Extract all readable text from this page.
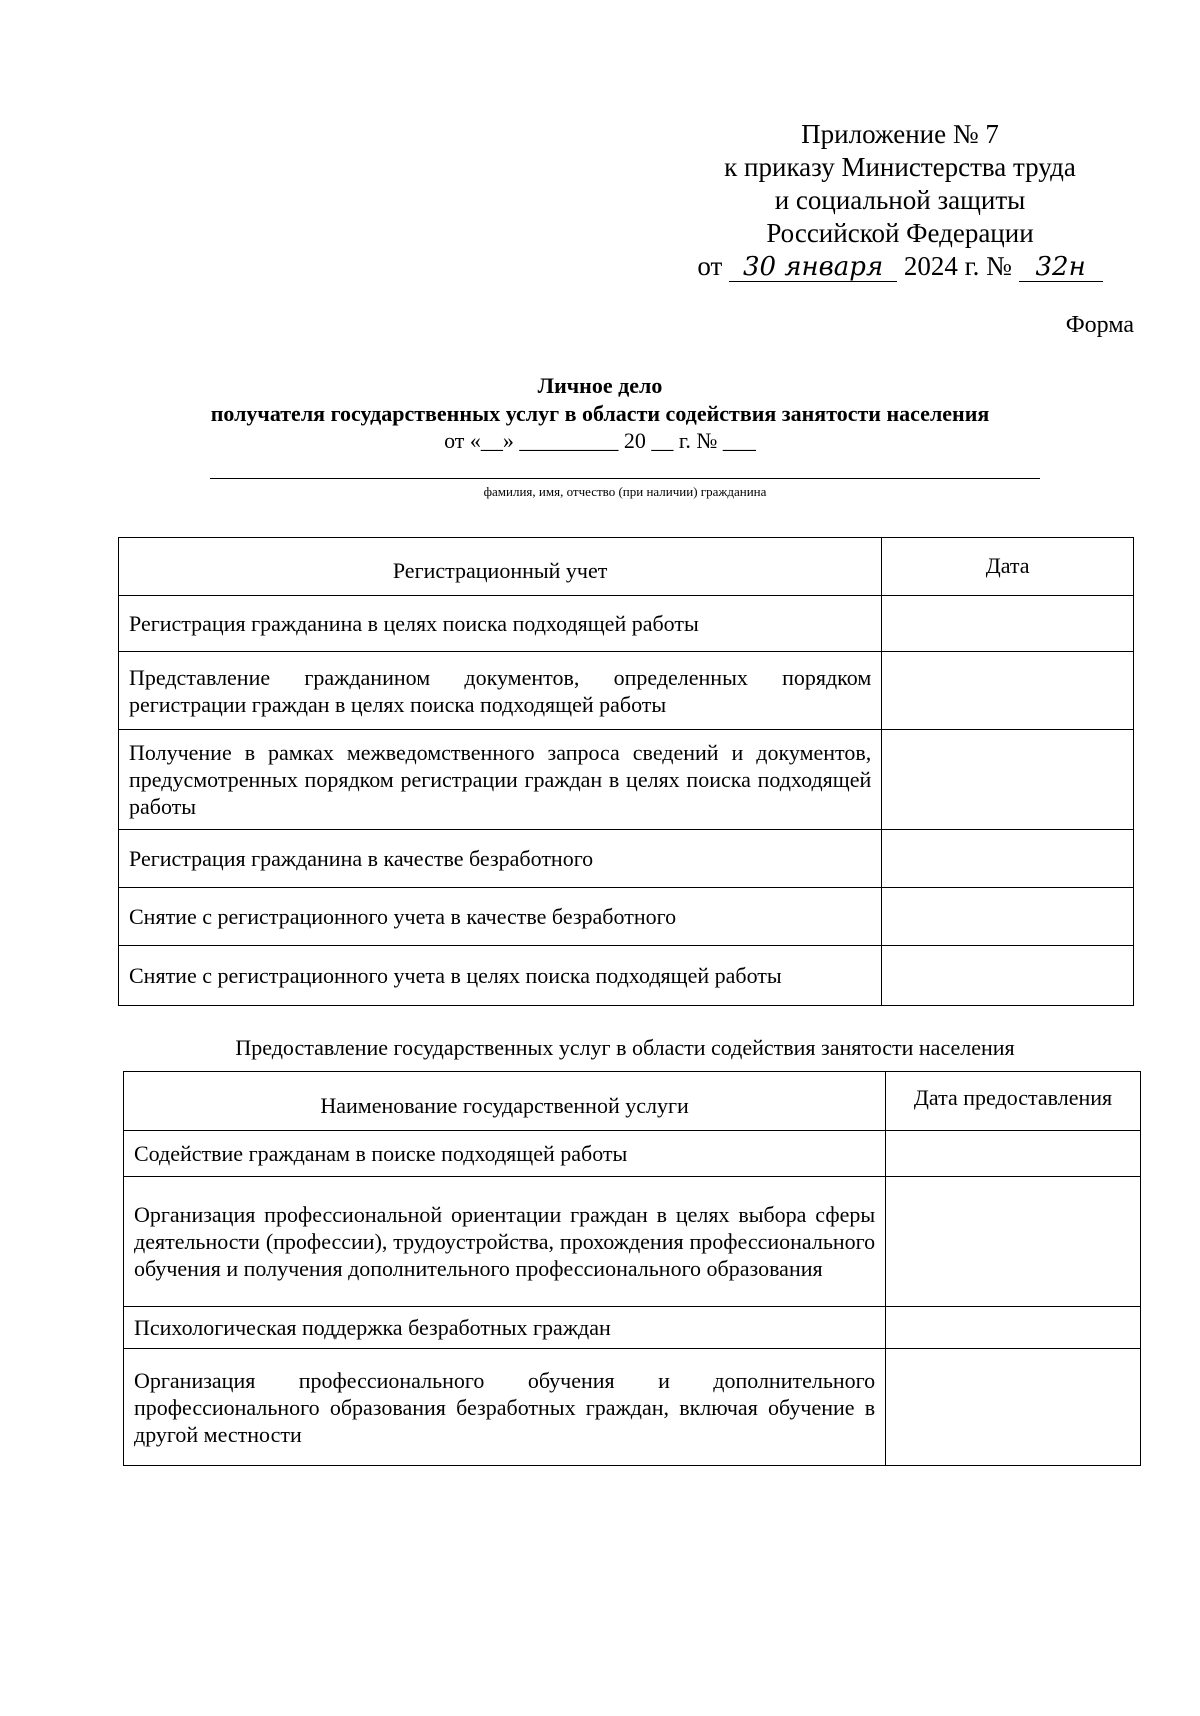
Приложение № 7
к приказу Министерства труда
и социальной защиты
Российской Федерации
от 30 января 2024 г. № 32н
Форма
Личное дело
получателя государственных услуг в области содействия занятости населения
от «__» _________ 20 __ г. № ___
фамилия, имя, отчество (при наличии) гражданина
Регистрационный учет	Дата
Регистрация гражданина в целях поиска подходящей работы	
Представление гражданином документов, определенных порядком регистрации граждан в целях поиска подходящей работы	
Получение в рамках межведомственного запроса сведений и документов, предусмотренных порядком регистрации граждан в целях поиска подходящей работы	
Регистрация гражданина в качестве безработного	
Снятие с регистрационного учета в качестве безработного	
Снятие с регистрационного учета в целях поиска подходящей работы	
Предоставление государственных услуг в области содействия занятости населения
Наименование государственной услуги	Дата предоставления
Содействие гражданам в поиске подходящей работы	
Организация профессиональной ориентации граждан в целях выбора сферы деятельности (профессии), трудоустройства, прохождения профессионального обучения и получения дополнительного профессионального образования	
Психологическая поддержка безработных граждан	
Организация профессионального обучения и дополнительного профессионального образования безработных граждан, включая обучение в другой местности	
